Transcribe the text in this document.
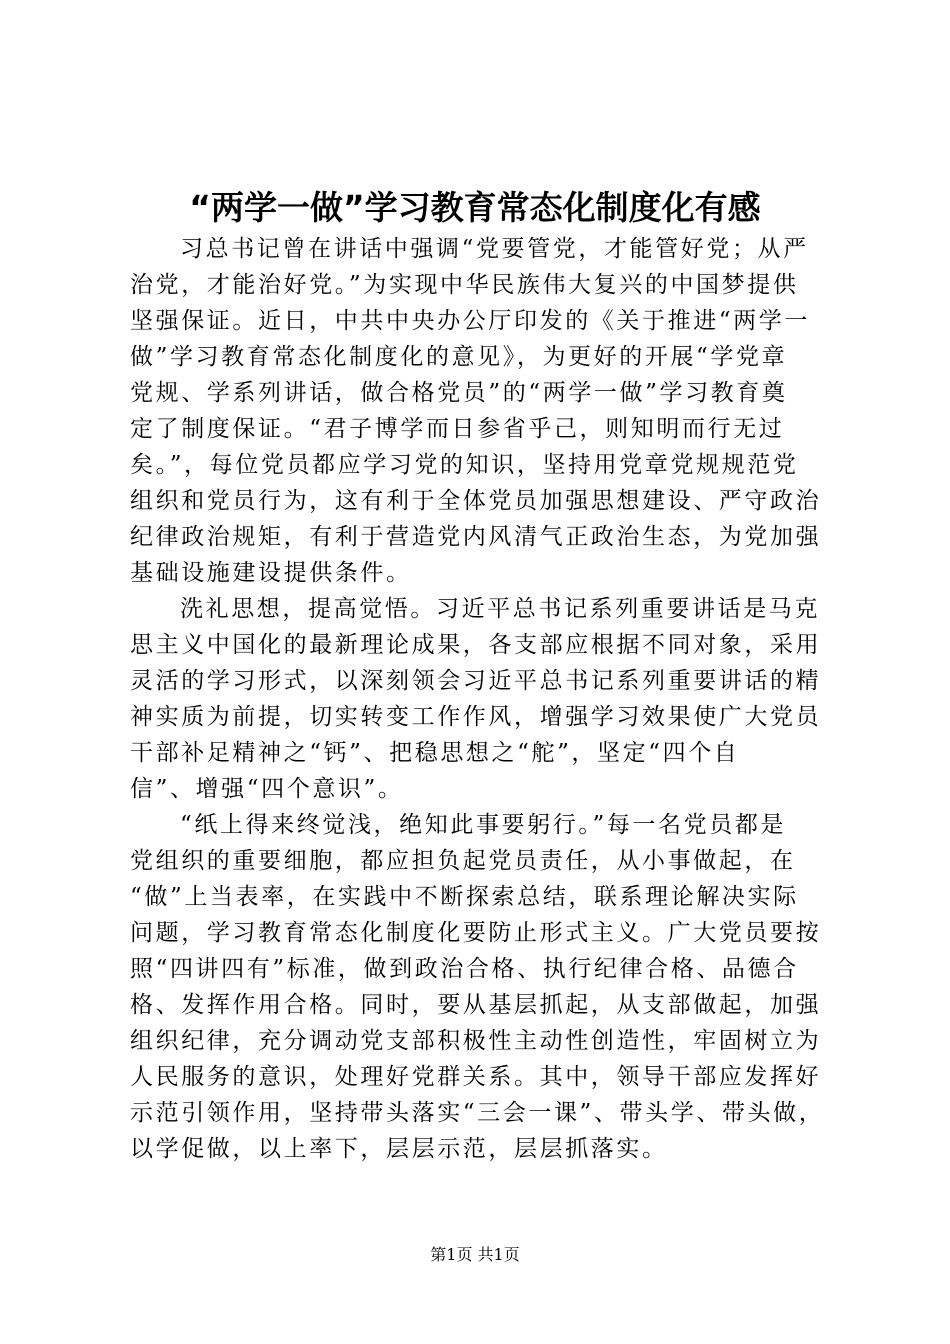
“两学一做”学习教育常态化制度化有感

习总书记曾在讲话中强调“党要管党，才能管好党；从严
治党，才能治好党。”为实现中华民族伟大复兴的中国梦提供
坚强保证。近日，中共中央办公厅印发的《关于推进“两学一
做”学习教育常态化制度化的意见》，为更好的开展“学党章
党规、学系列讲话，做合格党员”的“两学一做”学习教育奠
定了制度保证。“君子博学而日参省乎己，则知明而行无过
矣。”，每位党员都应学习党的知识，坚持用党章党规规范党
组织和党员行为，这有利于全体党员加强思想建设、严守政治
纪律政治规矩，有利于营造党内风清气正政治生态，为党加强
基础设施建设提供条件。

洗礼思想，提高觉悟。习近平总书记系列重要讲话是马克
思主义中国化的最新理论成果，各支部应根据不同对象，采用
灵活的学习形式，以深刻领会习近平总书记系列重要讲话的精
神实质为前提，切实转变工作作风，增强学习效果使广大党员
干部补足精神之“钙”、把稳思想之“舵”，坚定“四个自
信”、增强“四个意识”。

“纸上得来终觉浅，绝知此事要躬行。”每一名党员都是
党组织的重要细胞，都应担负起党员责任，从小事做起，在
“做”上当表率，在实践中不断探索总结，联系理论解决实际
问题，学习教育常态化制度化要防止形式主义。广大党员要按
照“四讲四有”标准，做到政治合格、执行纪律合格、品德合
格、发挥作用合格。同时，要从基层抓起，从支部做起，加强
组织纪律，充分调动党支部积极性主动性创造性，牢固树立为
人民服务的意识，处理好党群关系。其中，领导干部应发挥好
示范引领作用，坚持带头落实“三会一课”、带头学、带头做，
以学促做，以上率下，层层示范，层层抓落实。

第1页 共1页
